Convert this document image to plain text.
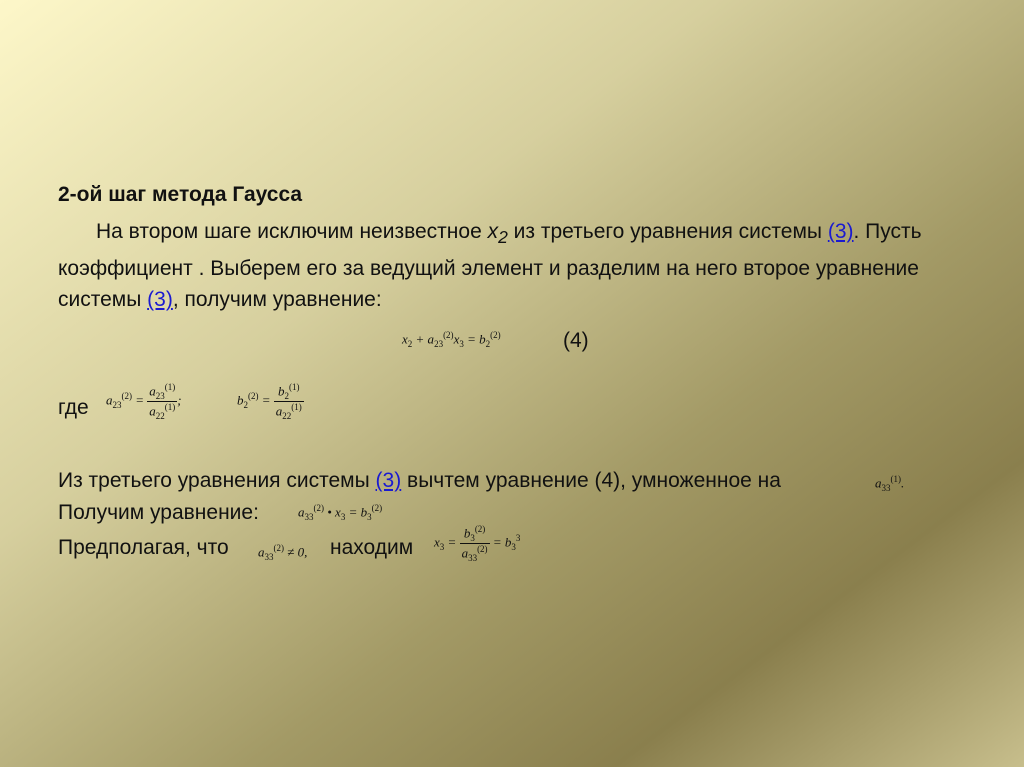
2-ой шаг метода Гаусса
На втором шаге исключим неизвестное $x_2$ из третьего уравнения системы (3). Пусть коэффициент . Выберем его за ведущий элемент и разделим на него второе уравнение системы (3), получим уравнение:
$x_2 + a_{23}^{(2)}x_3 = b_2^{(2)}$	(4)
где $a_{23}^{(2)} = \frac{a_{23}^{(1)}}{a_{22}^{(1)}}$ ;	$b_2^{(2)} = \frac{b_2^{(1)}}{a_{22}^{(1)}}$
Из третьего уравнения системы (3) вычтем уравнение (4), умноженное на	$a_{33}^{(1)}$.
Получим уравнение:	$a_{33}^{(2)}$ • $x_3 = b_3^{(2)}$
Предполагая, что $a_{33}^{(2)} \ne 0$, находим $x_3 = \frac{b_3^{(2)}}{a_{33}^{(2)}} = b_3^3$
